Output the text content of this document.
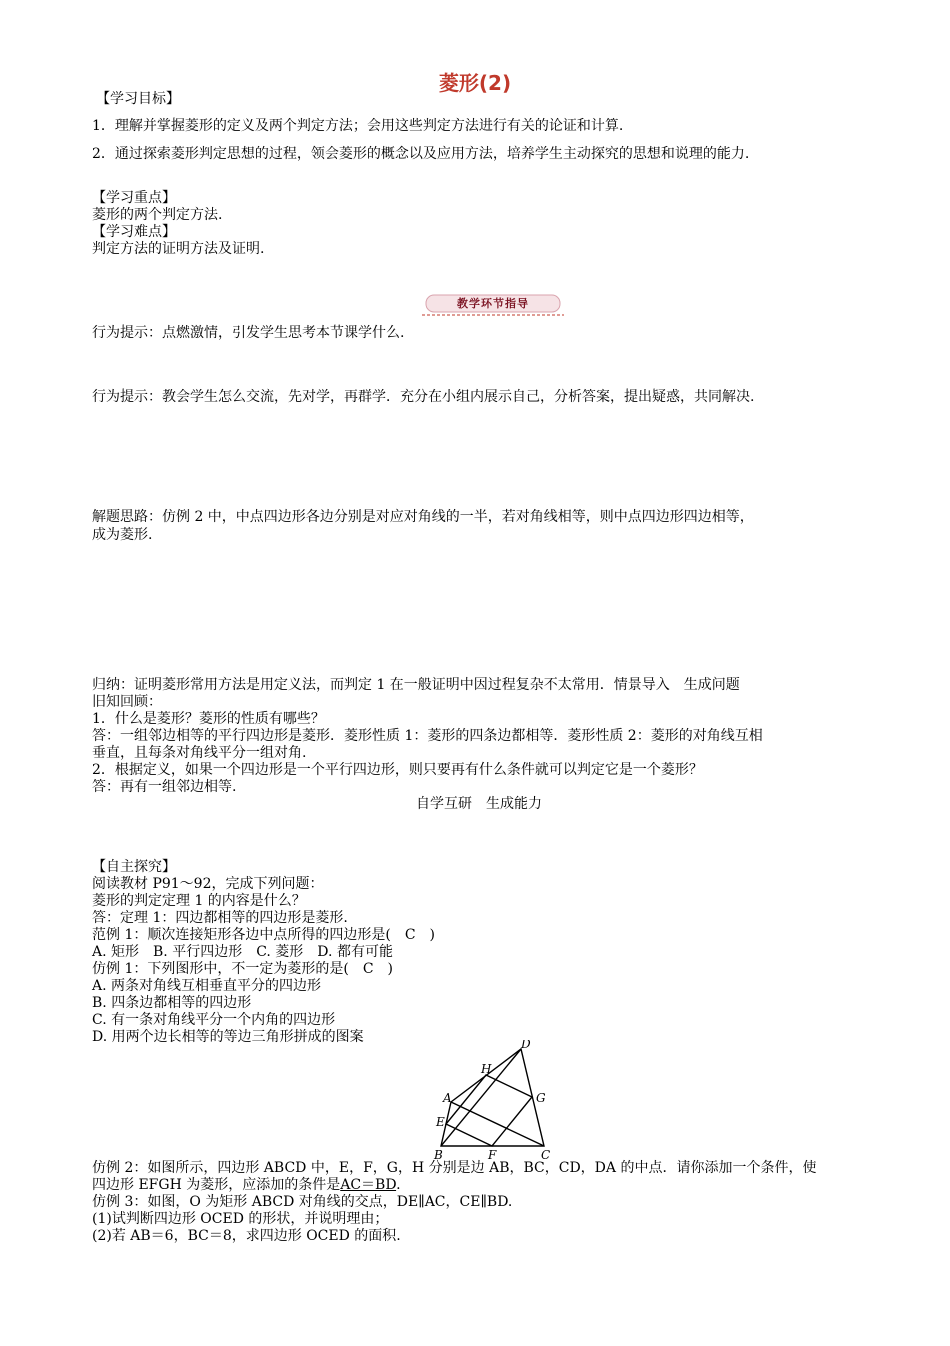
菱形(2)
【学习目标】
1．理解并掌握菱形的定义及两个判定方法；会用这些判定方法进行有关的论证和计算.
2．通过探索菱形判定思想的过程，领会菱形的概念以及应用方法，培养学生主动探究的思想和说理的能力.
【学习重点】
菱形的两个判定方法.
【学习难点】
判定方法的证明方法及证明.
教学环节指导
行为提示：点燃激情，引发学生思考本节课学什么.
行为提示：教会学生怎么交流，先对学，再群学．充分在小组内展示自己，分析答案，提出疑惑，共同解决.
解题思路：仿例 2 中，中点四边形各边分别是对应对角线的一半，若对角线相等，则中点四边形四边相等，
成为菱形.
归纳：证明菱形常用方法是用定义法，而判定 1 在一般证明中因过程复杂不太常用．情景导入　生成问题
旧知回顾：
1．什么是菱形？菱形的性质有哪些？
答：一组邻边相等的平行四边形是菱形．菱形性质 1：菱形的四条边都相等．菱形性质 2：菱形的对角线互相
垂直，且每条对角线平分一组对角.
2．根据定义，如果一个四边形是一个平行四边形，则只要再有什么条件就可以判定它是一个菱形？
答：再有一组邻边相等.
自学互研　生成能力
【自主探究】
阅读教材 P91～92，完成下列问题：
菱形的判定定理 1 的内容是什么？
答：定理 1：四边都相等的四边形是菱形.
范例 1：顺次连接矩形各边中点所得的四边形是(　C　)
A. 矩形　B. 平行四边形　C. 菱形　D. 都有可能
仿例 1：下列图形中，不一定为菱形的是(　C　)
A. 两条对角线互相垂直平分的四边形
B. 四条边都相等的四边形
C. 有一条对角线平分一个内角的四边形
D. 用两个边长相等的等边三角形拼成的图案	D
H
A	G
E
B	F	C
仿例 2：如图所示，四边形 ABCD 中，E，F，G，H 分别是边 AB，BC，CD，DA 的中点．请你添加一个条件，使
四边形 EFGH 为菱形，应添加的条件是AC＝BD.
仿例 3：如图，O 为矩形 ABCD 对角线的交点，DE∥AC，CE∥BD.
(1)试判断四边形 OCED 的形状，并说明理由；
(2)若 AB＝6，BC＝8，求四边形 OCED 的面积.
